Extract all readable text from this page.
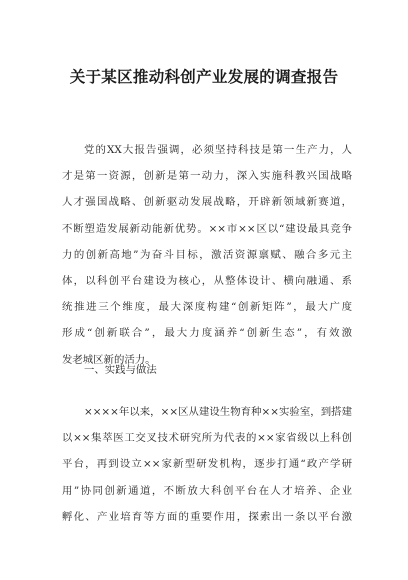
关于某区推动科创产业发展的调查报告
党的XX大报告强调，必须坚持科技是第一生产力，人
才是第一资源，创新是第一动力，深入实施科教兴国战略
人才强国战略、创新驱动发展战略，开辟新领域新赛道，
不断塑造发展新动能新优势。××市××区以“建设最具竞争
力的创新高地”为奋斗目标，激活资源禀赋、融合多元主
体，以科创平台建设为核心，从整体设计、横向融通、系
统推进三个维度，最大深度构建“创新矩阵”，最大广度
形成“创新联合”，最大力度涵养“创新生态”，有效激
发老城区新的活力。
一、实践与做法
××××年以来，××区从建设生物育种××实验室，到搭建
以××集萃医工交叉技术研究所为代表的××家省级以上科创
平台，再到设立××家新型研发机构，逐步打通“政产学研
用”协同创新通道，不断放大科创平台在人才培养、企业
孵化、产业培育等方面的重要作用，探索出一条以平台激
